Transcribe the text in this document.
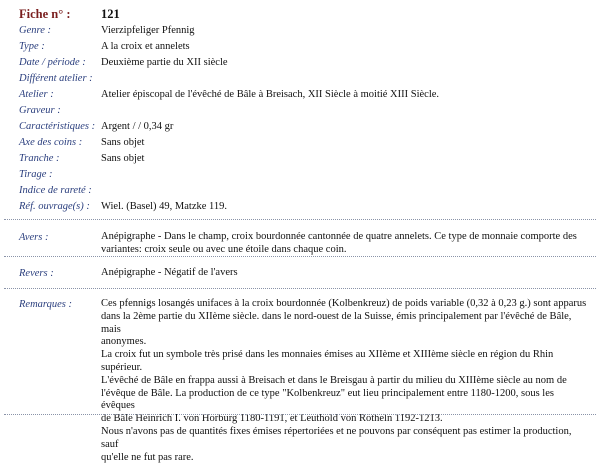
Fiche n° : 121
Genre :	Vierzipfeliger Pfennig
Type :	A la croix et annelets
Date / période : Deuxième partie du XII siècle
Différent atelier :
Atelier :	Atelier épiscopal de l'évêché de Bâle à Breisach, XII Siècle à moitié XIII Siècle.
Graveur :
Caractéristiques : Argent / / 0,34 gr
Axe des coins : Sans objet
Tranche :	Sans objet
Tirage :
Indice de rareté :
Réf. ouvrage(s) : Wiel. (Basel) 49, Matzke 119.
Avers :	Anépigraphe - Dans le champ, croix bourdonnée cantonnée de quatre annelets. Ce type de monnaie comporte des
variantes: croix seule ou avec une étoile dans chaque coin.
Revers :	Anépigraphe - Négatif de l'avers
Remarques :	Ces pfennigs losangés unifaces à la croix bourdonnée (Kolbenkreuz) de poids variable (0,32 à 0,23 g.) sont apparus
dans la 2ème partie du XIIème siècle. dans le nord-ouest de la Suisse, émis principalement par l'évêché de Bâle, mais
anonymes.
La croix fut un symbole très prisé dans les monnaies émises au XIIème et XIIIème siècle en région du Rhin supérieur.
L'évêché de Bâle en frappa aussi à Breisach et dans le Breisgau à partir du milieu du XIIIème siècle au nom de
l'évêque de Bâle. La production de ce type "Kolbenkreuz" eut lieu principalement entre 1180-1200, sous les évêques
de Bâle Heinrich I. von Horburg 1180-1191, et Leuthold von Rötheln 1192-1213.
Nous n'avons pas de quantités fixes émises répertoriées et ne pouvons par conséquent pas estimer la production, sauf
qu'elle ne fut pas rare.
